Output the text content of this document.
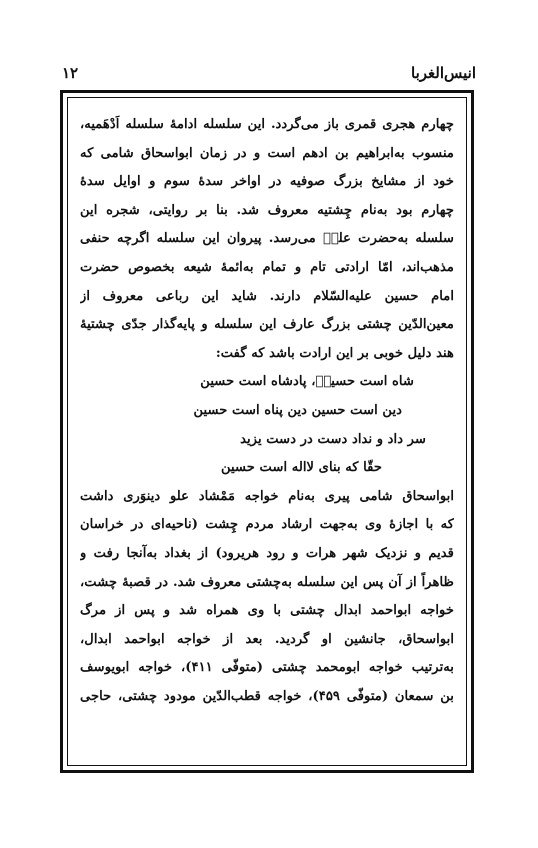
۱۲	انیس‌الغربا
چهارم هجری قمری باز می‌گردد. این سلسله ادامهٔ سلسله اَدْهَمیه،
منسوب به‌ابراهیم بن ادهم است و در زمان ابواسحاق شامی که
خود از مشایخ بزرگ صوفیه در اواخر سدهٔ سوم و اوایل سدهٔ
چهارم بود به‌نام چِشتیه معروف شد. بنا بر روایتی، شجره این
سلسله به‌حضرت علیؑ می‌رسد. پیروان این سلسله اگرچه حنفی
مذهب‌اند، امّا ارادتی تام و تمام به‌ائمهٔ شیعه بخصوص حضرت
امام حسین علیه‌السّلام دارند. شاید این رباعی معروف از
معین‌الدّین چشتی بزرگ عارف این سلسله و پایه‌گذار جدّی چشتیهٔ
هند دلیل خوبی بر این ارادت باشد که گفت:
شاه است حسینؑ، پادشاه است حسین
دین است حسین دین پناه است حسین
سر داد و نداد دست در دست یزید
حقّا که بنای لااله است حسین
ابواسحاق شامی پیری به‌نام خواجه مَمْشاد علو دینوَری داشت
که با اجازهٔ وی به‌جهت ارشاد مردم چِشت (ناحیه‌ای در خراسان
قدیم و نزدیک شهر هرات و رود هریرود) از بغداد به‌آنجا رفت و
ظاهراً از آن پس این سلسله به‌چشتی معروف شد. در قصبهٔ چشت،
خواجه ابواحمد ابدال چشتی با وی همراه شد و پس از مرگ
ابواسحاق، جانشین او گردید. بعد از خواجه ابواحمد ابدال،
به‌ترتیب خواجه ابومحمد چشتی (متوفّی ۴۱۱)، خواجه ابویوسف
بن سمعان (متوفّی ۴۵۹)، خواجه قطب‌الدّین مودود چشتی، حاجی
